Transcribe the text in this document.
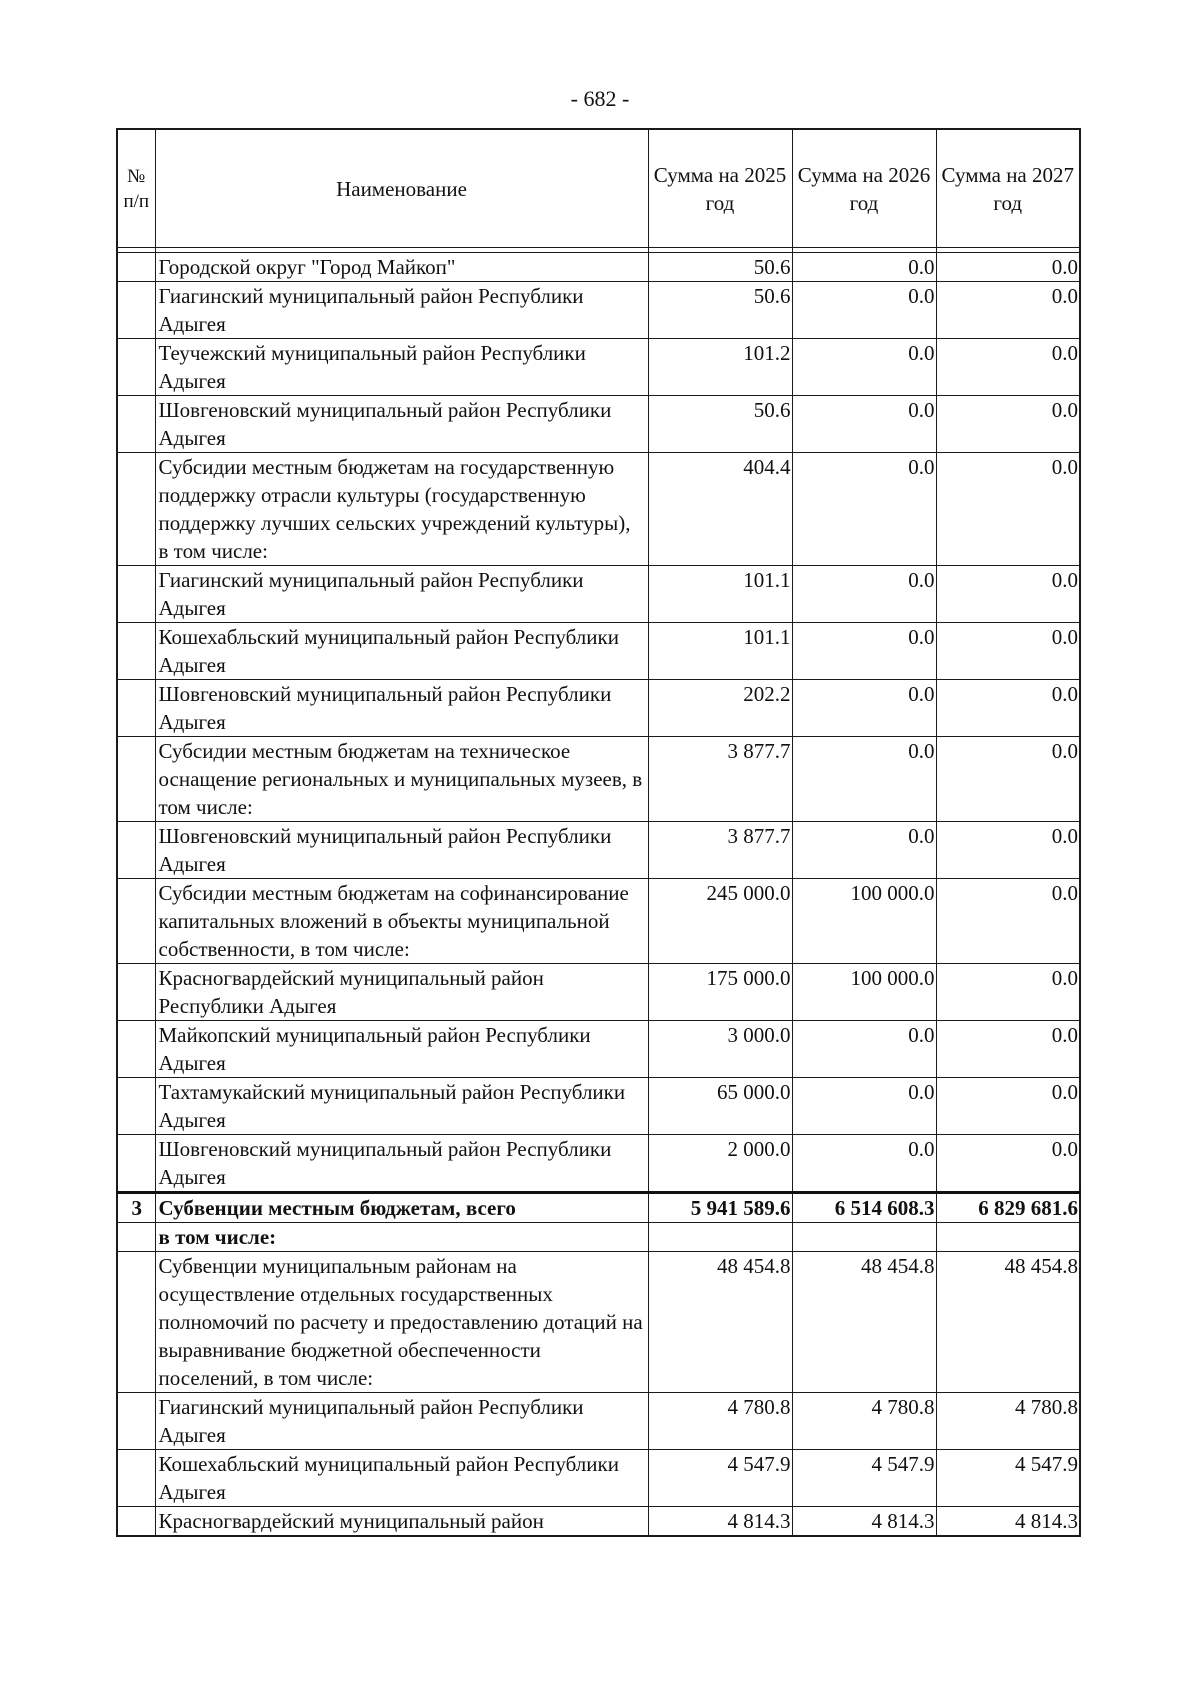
- 682 -
№ п/п	Наименование	Сумма на 2025 год	Сумма на 2026 год	Сумма на 2027 год

	Городской округ "Город Майкоп"	50.6	0.0	0.0
	Гиагинский муниципальный район Республики Адыгея	50.6	0.0	0.0
	Теучежский муниципальный район Республики Адыгея	101.2	0.0	0.0
	Шовгеновский муниципальный район Республики Адыгея	50.6	0.0	0.0
	Субсидии местным бюджетам на государственную поддержку отрасли культуры (государственную поддержку лучших сельских учреждений культуры), в том числе:	404.4	0.0	0.0
	Гиагинский муниципальный район Республики Адыгея	101.1	0.0	0.0
	Кошехабльский муниципальный район Республики Адыгея	101.1	0.0	0.0
	Шовгеновский муниципальный район Республики Адыгея	202.2	0.0	0.0
	Субсидии местным бюджетам на техническое оснащение региональных и муниципальных музеев, в том числе:	3 877.7	0.0	0.0
	Шовгеновский муниципальный район Республики Адыгея	3 877.7	0.0	0.0
	Субсидии местным бюджетам на софинансирование капитальных вложений в объекты муниципальной собственности, в том числе:	245 000.0	100 000.0	0.0
	Красногвардейский муниципальный район Республики Адыгея	175 000.0	100 000.0	0.0
	Майкопский муниципальный район Республики Адыгея	3 000.0	0.0	0.0
	Тахтамукайский муниципальный район Республики Адыгея	65 000.0	0.0	0.0
	Шовгеновский муниципальный район Республики Адыгея	2 000.0	0.0	0.0
3	Субвенции местным бюджетам, всего	5 941 589.6	6 514 608.3	6 829 681.6
	в том числе:			
	Субвенции муниципальным районам на осуществление отдельных государственных полномочий по расчету и предоставлению дотаций на выравнивание бюджетной обеспеченности поселений, в том числе:	48 454.8	48 454.8	48 454.8
	Гиагинский муниципальный район Республики Адыгея	4 780.8	4 780.8	4 780.8
	Кошехабльский муниципальный район Республики Адыгея	4 547.9	4 547.9	4 547.9
	Красногвардейский муниципальный район	4 814.3	4 814.3	4 814.3
